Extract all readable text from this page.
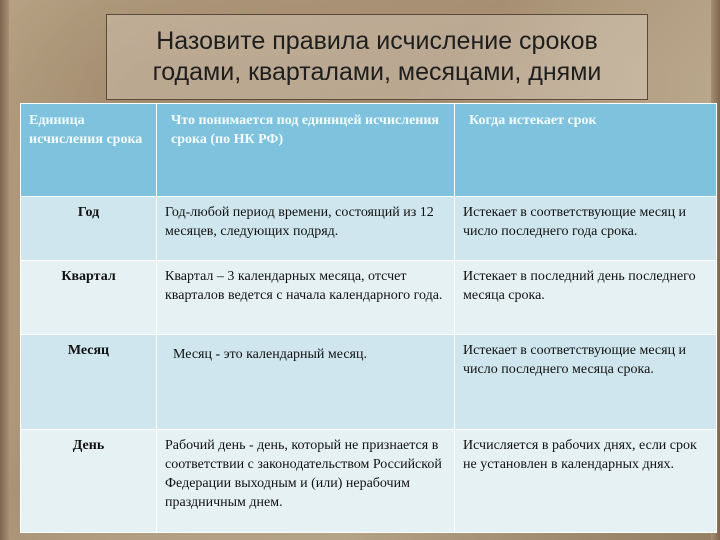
Назовите правила исчисление сроков годами, кварталами, месяцами, днями
Единица исчисления срока	Что понимается под единицей исчисления срока (по НК РФ)	Когда истекает срок
Год	Год-любой период времени, состоящий из 12 месяцев, следующих подряд.	Истекает в соответствующие месяц и число последнего года срока.
Квартал	Квартал – 3 календарных месяца, отсчет кварталов ведется с начала календарного года.	Истекает в последний день последнего месяца срока.
Месяц	Месяц - это календарный месяц.	Истекает в соответствующие месяц и число последнего месяца срока.
День	Рабочий день - день, который не признается в соответствии с законодательством Российской Федерации выходным и (или) нерабочим праздничным днем.	Исчисляется в рабочих днях, если срок не установлен в календарных днях.
